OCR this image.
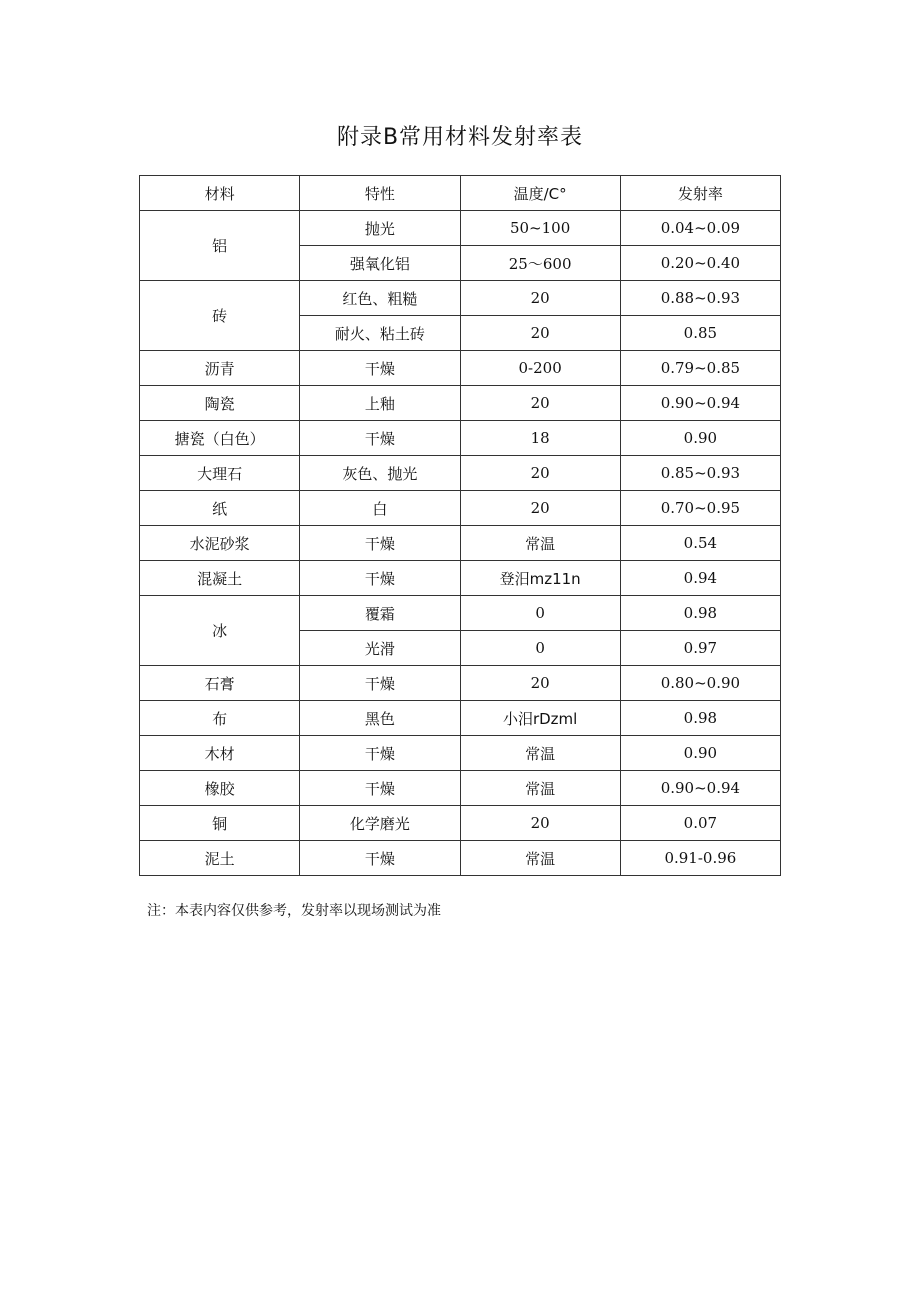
附录B常用材料发射率表
材料	特性	温度/C°	发射率
铝	抛光	50~100	0.04~0.09
	强氧化铝	25～600	0.20~0.40
砖	红色、粗糙	20	0.88~0.93
	耐火、粘土砖	20	0.85
沥青	干燥	0-200	0.79~0.85
陶瓷	上釉	20	0.90~0.94
搪瓷（白色）	干燥	18	0.90
大理石	灰色、抛光	20	0.85~0.93
纸	白	20	0.70~0.95
水泥砂浆	干燥	常温	0.54
混凝土	干燥	登汨mz11n	0.94
冰	覆霜	0	0.98
	光滑	0	0.97
石膏	干燥	20	0.80~0.90
布	黑色	小汨rDzml	0.98
木材	干燥	常温	0.90
橡胶	干燥	常温	0.90~0.94
铜	化学磨光	20	0.07
泥土	干燥	常温	0.91-0.96
注：本表内容仅供参考，发射率以现场测试为准
